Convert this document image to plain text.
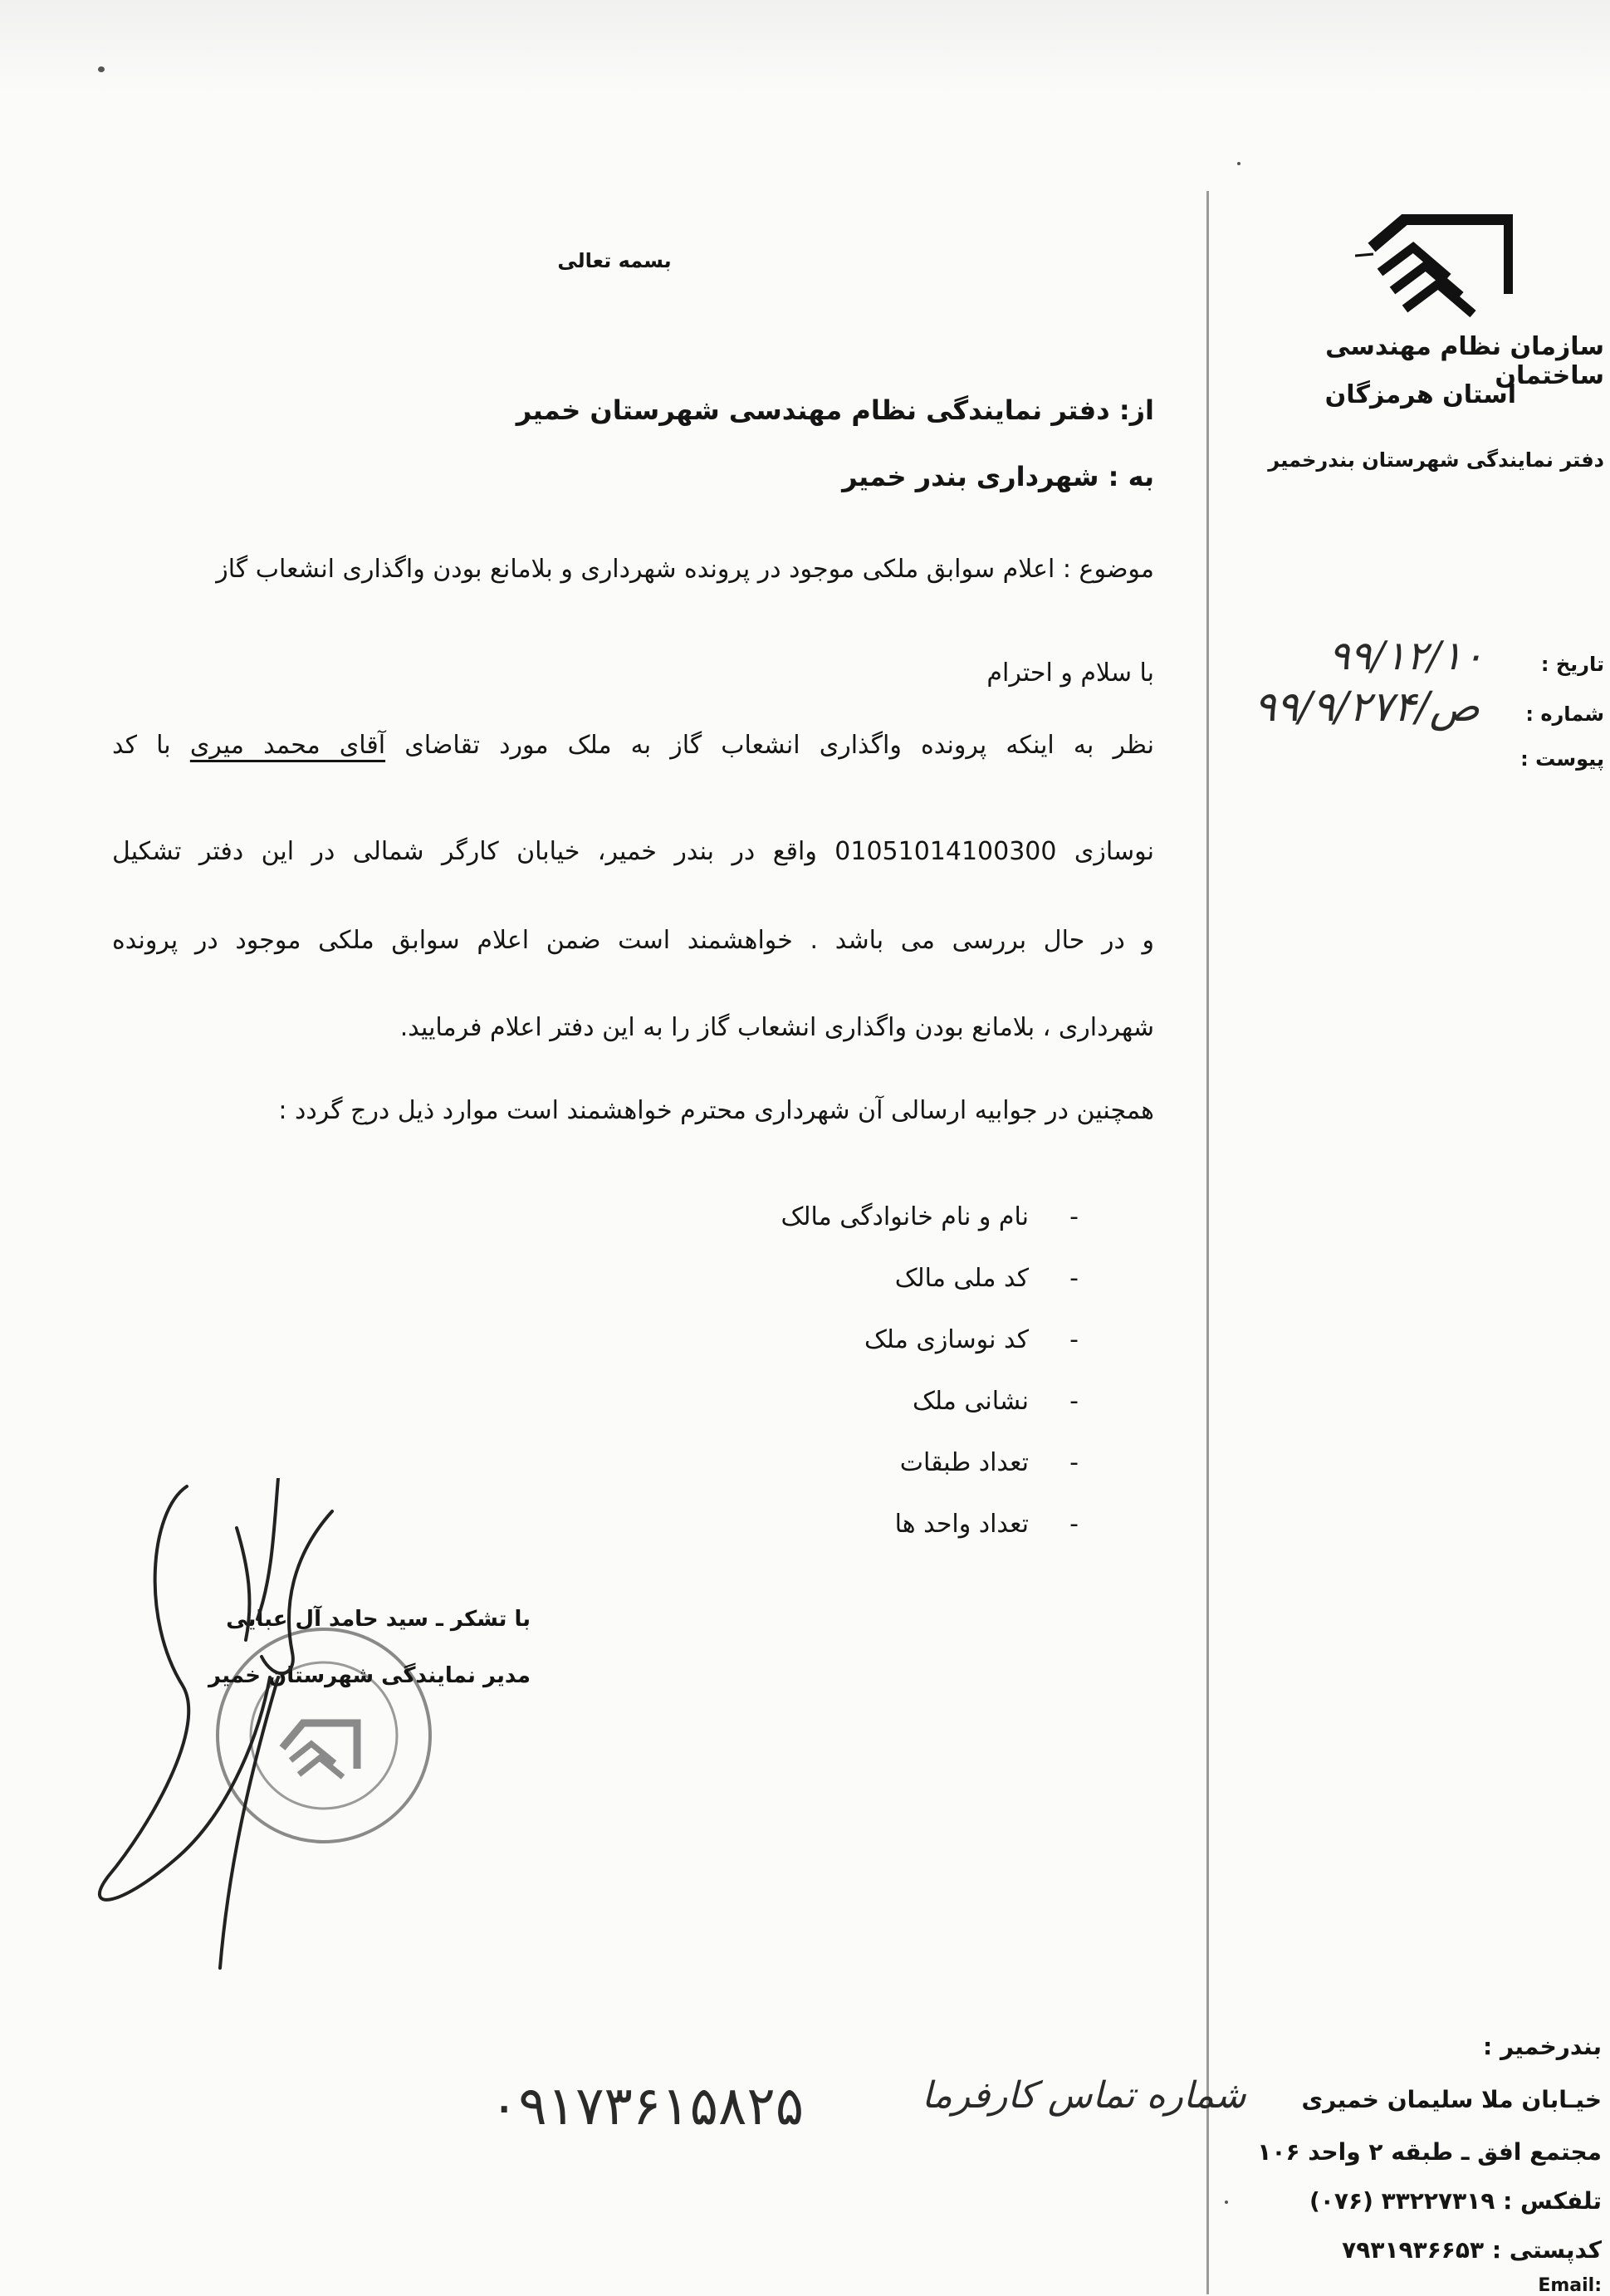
سازمان نظام مهندسی ساختمان
استان هرمزگان
دفتر نمایندگی شهرستان بندرخمیر
تاریخ :
۹۹/۱۲/۱۰
شماره :
ص/۹۹/۹/۲۷۴
پیوست :
بسمه تعالی
از: دفتر نمایندگی نظام مهندسی شهرستان خمیر
به : شهرداری بندر خمیر
موضوع : اعلام سوابق ملکی موجود در پرونده شهرداری و بلامانع بودن واگذاری انشعاب گاز
با سلام و احترام
نظر به اینکه پرونده واگذاری انشعاب گاز به ملک مورد تقاضای آقای محمد میری با کد
نوسازی 01051014100300 واقع در بندر خمیر، خیابان کارگر شمالی در این دفتر تشکیل
و در حال بررسی می باشد . خواهشمند است ضمن اعلام سوابق ملکی موجود در پرونده
شهرداری ، بلامانع بودن واگذاری انشعاب گاز را به این دفتر اعلام فرمایید.
همچنین در جوابیه ارسالی آن شهرداری محترم خواهشمند است موارد ذیل درج گردد :
-
نام و نام خانوادگی مالک
-
کد ملی مالک
-
کد نوسازی ملک
-
نشانی ملک
-
تعداد طبقات
-
تعداد واحد ها
با تشکر ـ سید حامد آل عبایی
مدیر نمایندگی شهرستان خمیر
شماره تماس کارفرما
۰۹۱۷۳۶۱۵۸۲۵
بندرخمیر :
خیـابان ملا سلیمان خمیری
مجتمع افق ـ طبقه ۲ واحد ۱۰۶
تلفکس : ۳۳۲۲۷۳۱۹ (۰۷۶)
کدپستی : ۷۹۳۱۹۳۶۶۵۳
Email:
